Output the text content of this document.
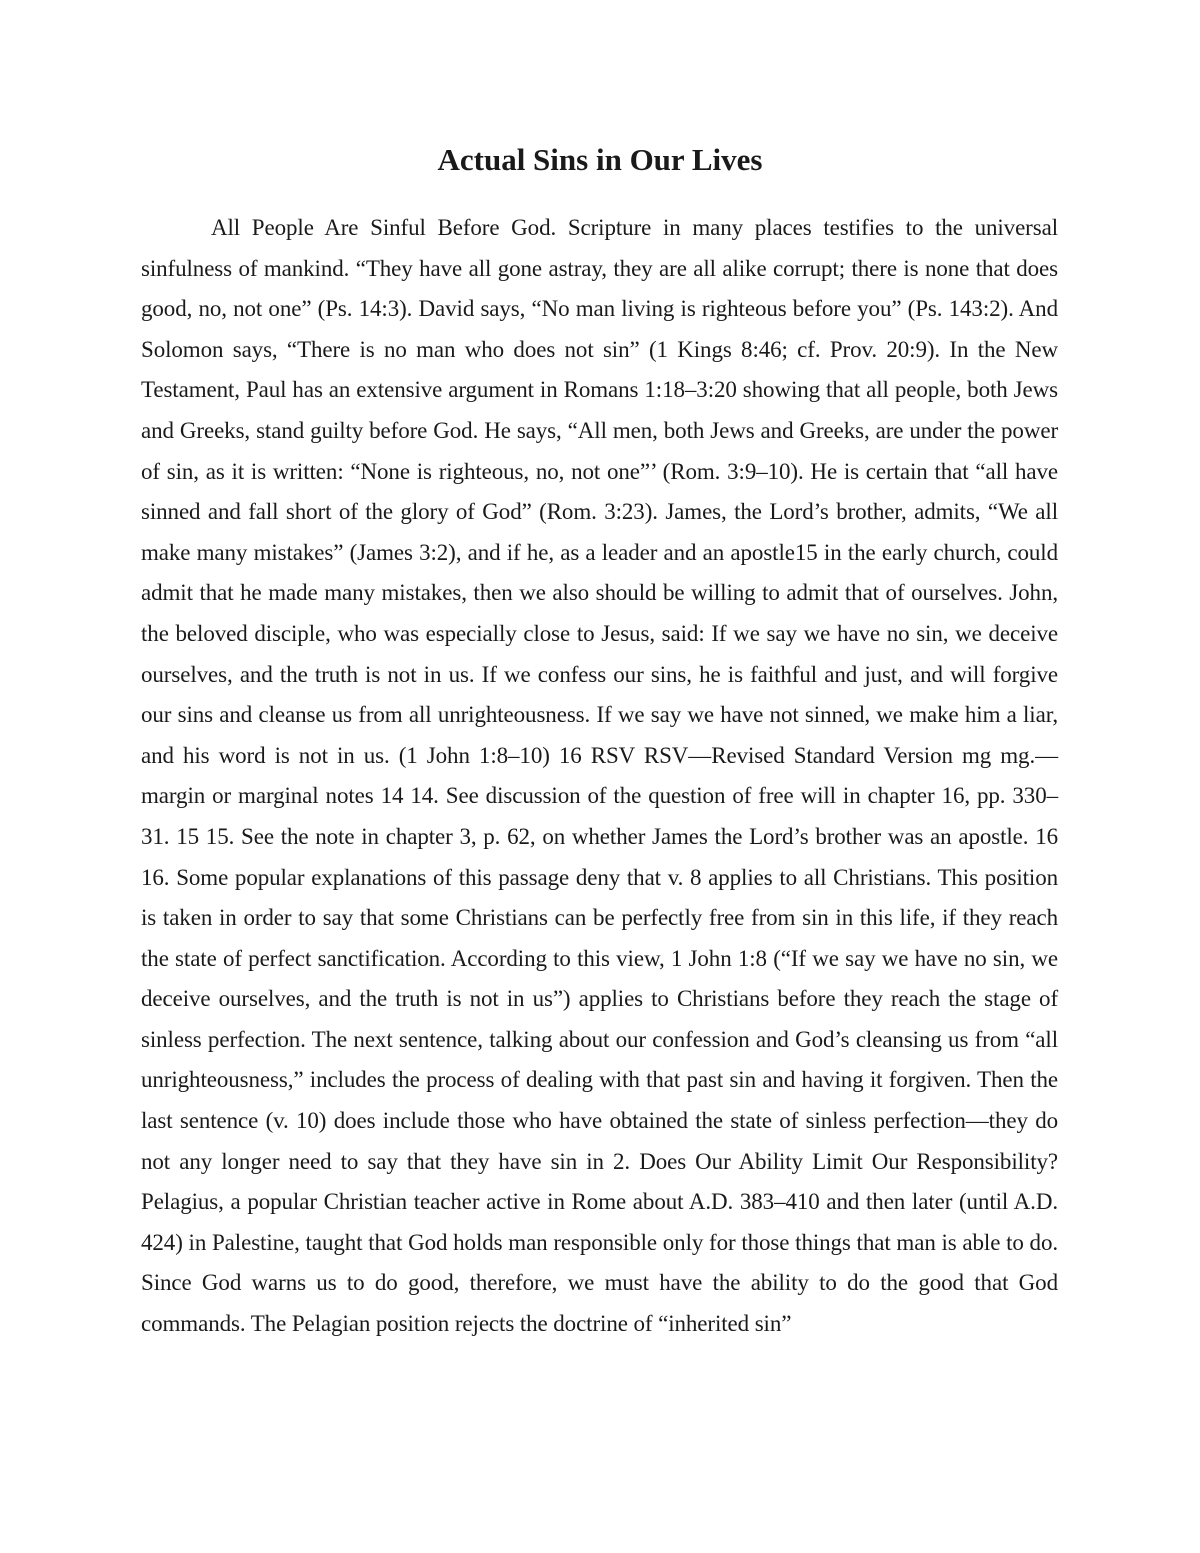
Actual Sins in Our Lives

All People Are Sinful Before God. Scripture in many places testifies to the universal sinfulness of mankind. “They have all gone astray, they are all alike corrupt; there is none that does good, no, not one” (Ps. 14:3). David says, “No man living is righteous before you” (Ps. 143:2). And Solomon says, “There is no man who does not sin” (1 Kings 8:46; cf. Prov. 20:9). In the New Testament, Paul has an extensive argument in Romans 1:18–3:20 showing that all people, both Jews and Greeks, stand guilty before God. He says, “All men, both Jews and Greeks, are under the power of sin, as it is written: “None is righteous, no, not one”’ (Rom. 3:9–10). He is certain that “all have sinned and fall short of the glory of God” (Rom. 3:23). James, the Lord’s brother, admits, “We all make many mistakes” (James 3:2), and if he, as a leader and an apostle15 in the early church, could admit that he made many mistakes, then we also should be willing to admit that of ourselves. John, the beloved disciple, who was especially close to Jesus, said: If we say we have no sin, we deceive ourselves, and the truth is not in us. If we confess our sins, he is faithful and just, and will forgive our sins and cleanse us from all unrighteousness. If we say we have not sinned, we make him a liar, and his word is not in us. (1 John 1:8–10) 16 RSV RSV—Revised Standard Version mg mg.—margin or marginal notes 14 14. See discussion of the question of free will in chapter 16, pp. 330–31. 15 15. See the note in chapter 3, p. 62, on whether James the Lord’s brother was an apostle. 16 16. Some popular explanations of this passage deny that v. 8 applies to all Christians. This position is taken in order to say that some Christians can be perfectly free from sin in this life, if they reach the state of perfect sanctification. According to this view, 1 John 1:8 (“If we say we have no sin, we deceive ourselves, and the truth is not in us”) applies to Christians before they reach the stage of sinless perfection. The next sentence, talking about our confession and God’s cleansing us from “all unrighteousness,” includes the process of dealing with that past sin and having it forgiven. Then the last sentence (v. 10) does include those who have obtained the state of sinless perfection—they do not any longer need to say that they have sin in 2. Does Our Ability Limit Our Responsibility? Pelagius, a popular Christian teacher active in Rome about A.D. 383–410 and then later (until A.D. 424) in Palestine, taught that God holds man responsible only for those things that man is able to do. Since God warns us to do good, therefore, we must have the ability to do the good that God commands. The Pelagian position rejects the doctrine of “inherited sin”
